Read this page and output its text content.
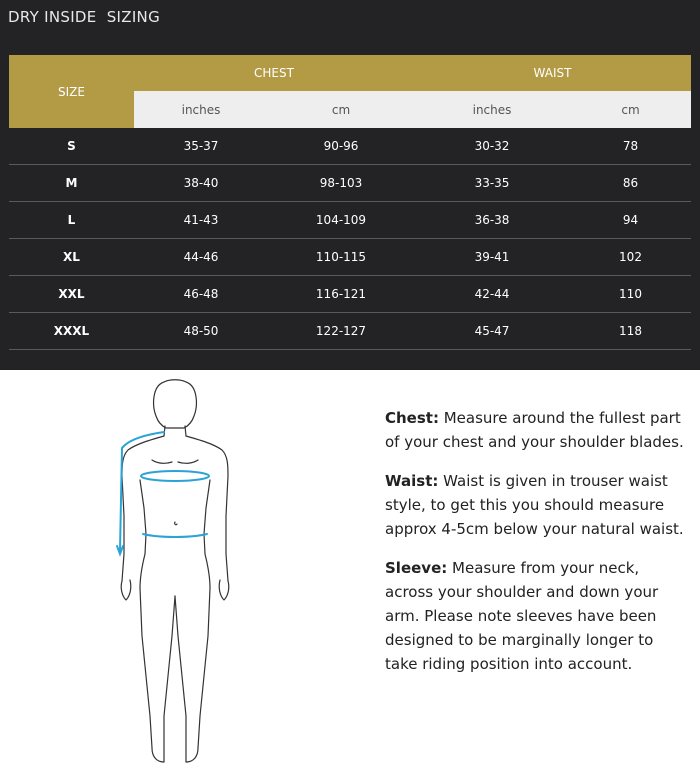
DRY INSIDE  SIZING
SIZE	CHEST		WAIST	
	inches	cm	inches	cm
S	35-37	90-96	30-32	78
M	38-40	98-103	33-35	86
L	41-43	104-109	36-38	94
XL	44-46	110-115	39-41	102
XXL	46-48	116-121	42-44	110
XXXL	48-50	122-127	45-47	118

Chest: Measure around the fullest part of your chest and your shoulder blades.

Waist: Waist is given in trouser waist style, to get this you should measure approx 4-5cm below your natural waist.

Sleeve: Measure from your neck, across your shoulder and down your arm. Please note sleeves have been designed to be marginally longer to take riding position into account.
